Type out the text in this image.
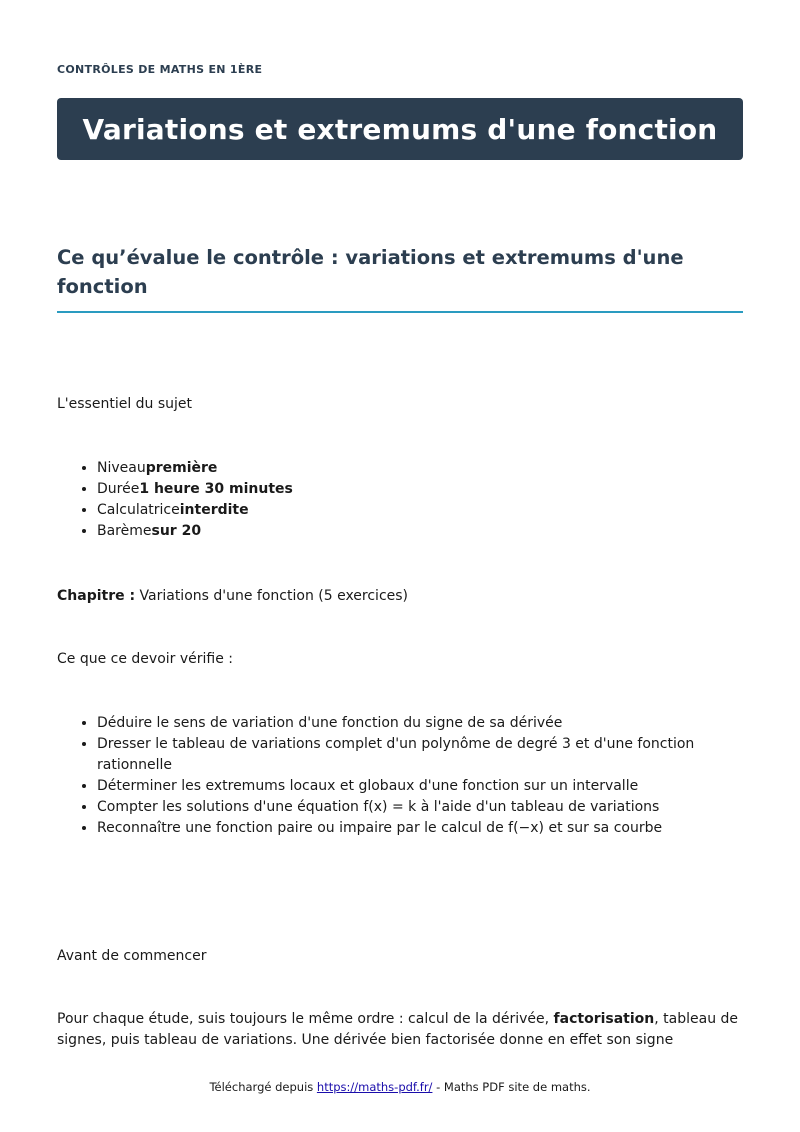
CONTRÔLES DE MATHS EN 1ÈRE
Variations et extremums d'une fonction
Ce qu’évalue le contrôle : variations et extremums d'une fonction

L'essentiel du sujet

• Niveaupremière
• Durée1 heure 30 minutes
• Calculatriceinterdite
• Barèmesur 20

Chapitre : Variations d'une fonction (5 exercices)

Ce que ce devoir vérifie :

• Déduire le sens de variation d'une fonction du signe de sa dérivée
• Dresser le tableau de variations complet d'un polynôme de degré 3 et d'une fonction rationnelle
• Déterminer les extremums locaux et globaux d'une fonction sur un intervalle
• Compter les solutions d'une équation f(x) = k à l'aide d'un tableau de variations
• Reconnaître une fonction paire ou impaire par le calcul de f(−x) et sur sa courbe

Avant de commencer

Pour chaque étude, suis toujours le même ordre : calcul de la dérivée, factorisation, tableau de signes, puis tableau de variations. Une dérivée bien factorisée donne en effet son signe

Téléchargé depuis https://maths-pdf.fr/ - Maths PDF site de maths.
